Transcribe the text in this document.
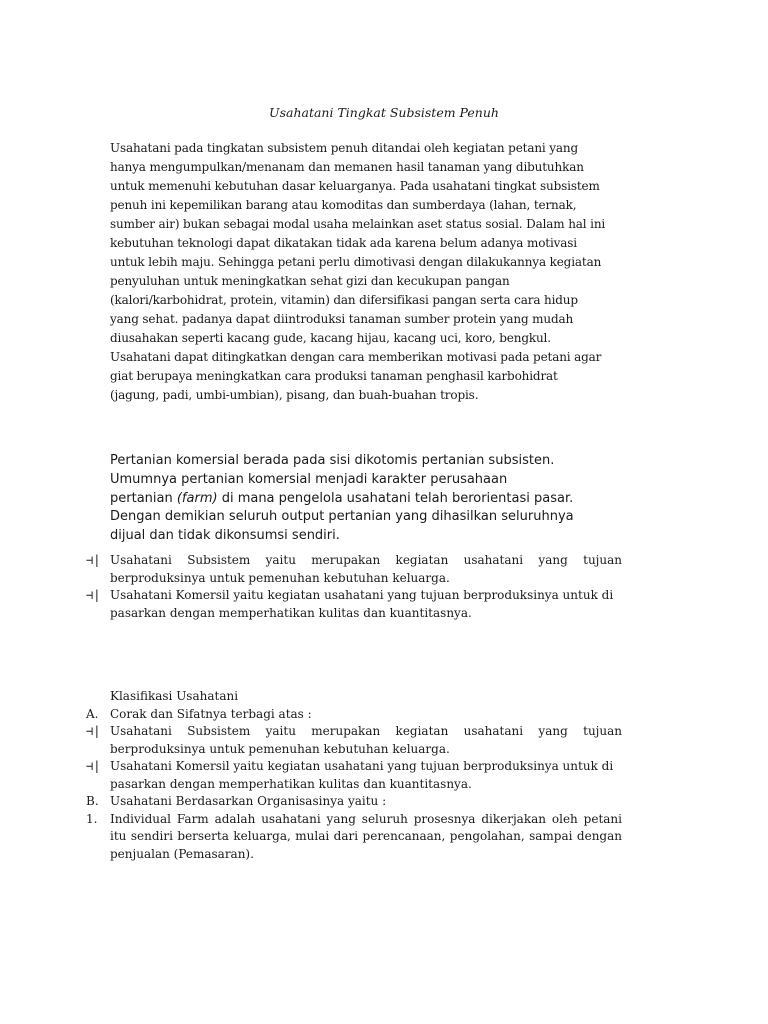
Usahatani Tingkat Subsistem Penuh
Usahatani pada tingkatan subsistem penuh ditandai oleh kegiatan petani yang
hanya mengumpulkan/menanam dan memanen hasil tanaman yang dibutuhkan
untuk memenuhi kebutuhan dasar keluarganya. Pada usahatani tingkat subsistem
penuh ini kepemilikan barang atau komoditas dan sumberdaya (lahan, ternak,
sumber air) bukan sebagai modal usaha melainkan aset status sosial. Dalam hal ini
kebutuhan teknologi dapat dikatakan tidak ada karena belum adanya motivasi
untuk lebih maju. Sehingga petani perlu dimotivasi dengan dilakukannya kegiatan
penyuluhan untuk meningkatkan sehat gizi dan kecukupan pangan
(kalori/karbohidrat, protein, vitamin) dan difersifikasi pangan serta cara hidup
yang sehat. padanya dapat diintroduksi tanaman sumber protein yang mudah
diusahakan seperti kacang gude, kacang hijau, kacang uci, koro, bengkul.
Usahatani dapat ditingkatkan dengan cara memberikan motivasi pada petani agar
giat berupaya meningkatkan cara produksi tanaman penghasil karbohidrat
(jagung, padi, umbi-umbian), pisang, dan buah-buahan tropis.
Pertanian komersial berada pada sisi dikotomis pertanian subsisten.
Umumnya pertanian komersial menjadi karakter perusahaan
pertanian (farm) di mana pengelola usahatani telah berorientasi pasar.
Dengan demikian seluruh output pertanian yang dihasilkan seluruhnya
dijual dan tidak dikonsumsi sendiri.
⊣| Usahatani Subsistem yaitu merupakan kegiatan usahatani yang tujuan
berproduksinya untuk pemenuhan kebutuhan keluarga.
⊣| Usahatani Komersil yaitu kegiatan usahatani yang tujuan berproduksinya untuk di
pasarkan dengan memperhatikan kulitas dan kuantitasnya.
Klasifikasi Usahatani
A. Corak dan Sifatnya terbagi atas :
⊣| Usahatani Subsistem yaitu merupakan kegiatan usahatani yang tujuan
berproduksinya untuk pemenuhan kebutuhan keluarga.
⊣| Usahatani Komersil yaitu kegiatan usahatani yang tujuan berproduksinya untuk di
pasarkan dengan memperhatikan kulitas dan kuantitasnya.
B. Usahatani Berdasarkan Organisasinya yaitu :
1. Individual Farm adalah usahatani yang seluruh prosesnya dikerjakan oleh petani
itu sendiri berserta keluarga, mulai dari perencanaan, pengolahan, sampai dengan
penjualan (Pemasaran).
